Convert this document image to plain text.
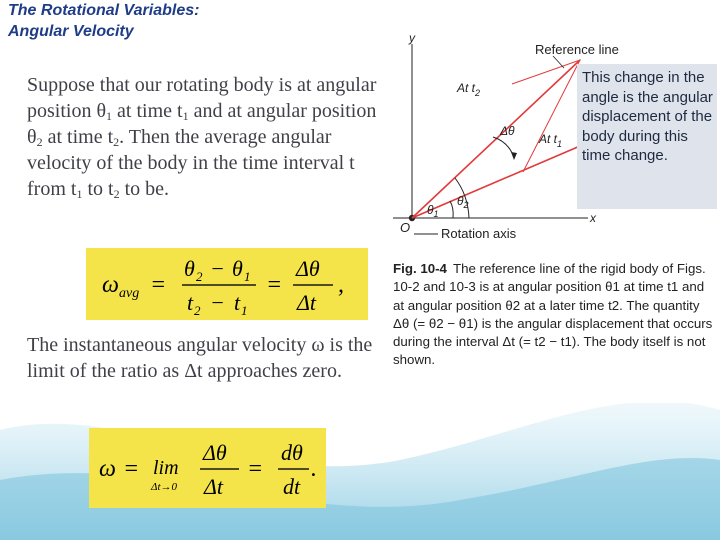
The Rotational Variables:
Angular Velocity
Suppose that our rotating body is at angular position $\theta_1$ at time $t_1$ and at angular position $\theta_2$ at time $t_2$. Then the average angular velocity of the body in the time interval t from $t_1$ to $t_2$ to be.
ω avg =
θ 2 − θ 1
t 2 − t 1
=
Δθ
Δt
,
The instantaneous angular velocity ω is the limit of the ratio as Δt approaches zero.
ω = lim
Δt→0
Δθ
Δt
=
dθ
dt
.
y
x
O Rotation axis
Reference line
At $t_2$
At $t_1$
Δθ
$\theta_1$
$\theta_2$
This change in the angle is the angular displacement of the body during this time change.
Fig. 10-4 The reference line of the rigid body of Figs. 10-2 and 10-3 is at angular position θ1 at time t1 and at angular position θ2 at a later time t2. The quantity Δθ (= θ2 − θ1) is the angular displacement that occurs during the interval Δt (= t2 − t1). The body itself is not shown.
